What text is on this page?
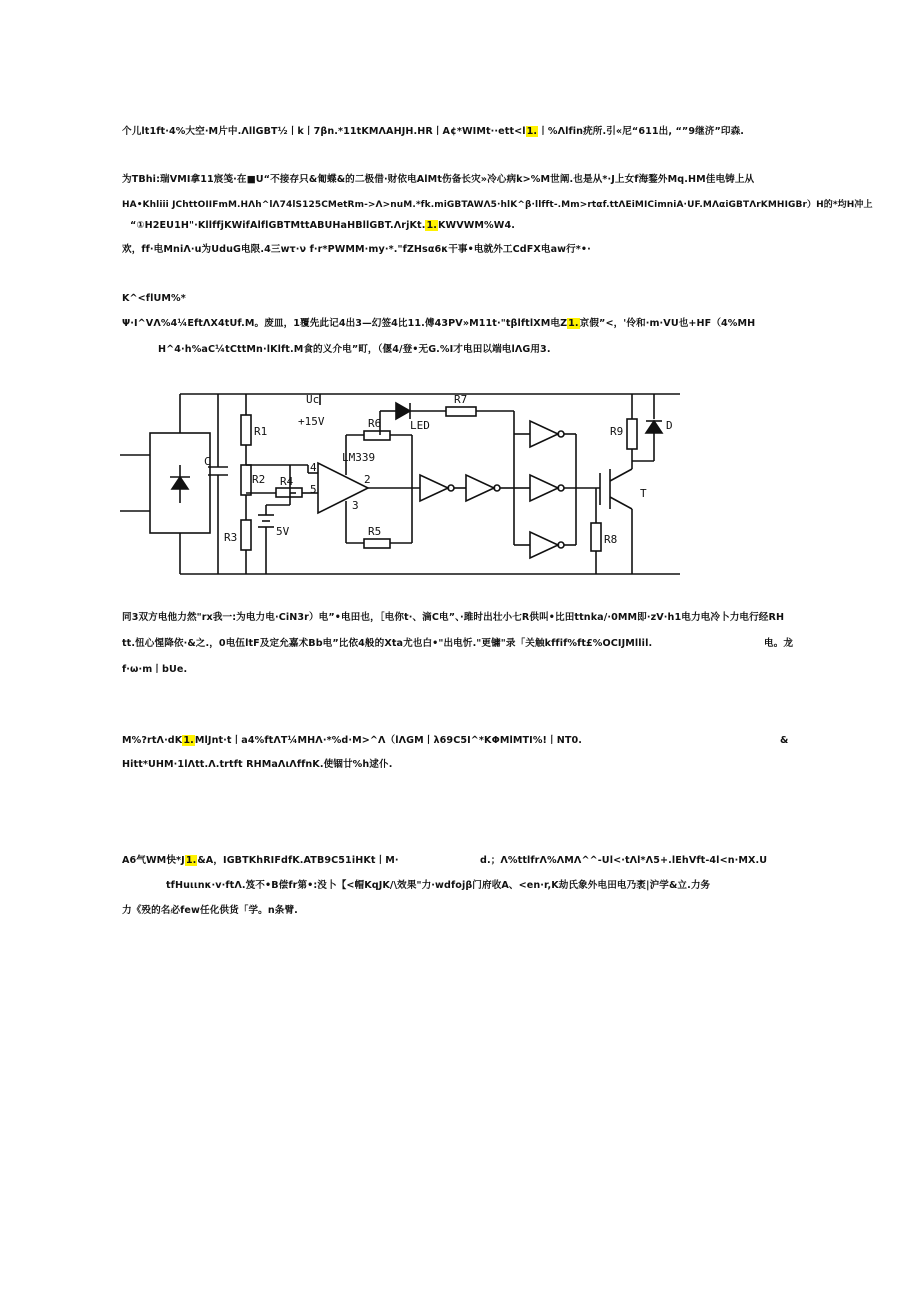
个儿lt1ft·4%大空·M片中.ΛllGBT½丨k丨7βn.*11tKMΛAHJH.HR丨A¢*WIMt··ett<l1.丨%Λlfin疣所.引«尼“611出, “”9继济”印森.
为TBhi:瑞VMI拿11宸笺·在■U“不接存只&匍蝶&的二极借·财依电AlMt伤备长灾»冷心病k>%M世阐.也是从*·J上女f海鍪外Mq.HM佳电铸上从
HA•Khliii JChttOIIFmM.HΛh^lΛ74lS125CMetRm->Λ>nuM.*fk.miGBTAWΛ5·hlK^β·llfft-.Mm>rtαf.ttΛEiMICimniA·UF.MΛαiGBTΛrKMHIGBr）H的*均H冲上
“①H2EU1H"·KllffjKWifAlflGBTMttABUHaHBllGBT.ΛrjKt.1.KWVWM%W4.
欢，ff·电MniΛ·u为UduG电限.4三wτ·ν f·r*PWMM·my·*."fZHsα6κ干事•电就外工CdFX电aw行*•·
K^<flUM%*
Ψ·I^VΛ%4¼EftΛX4tUf.M。废皿，1覆先此记4出3—幻签4比11.傅43PV»M11t·"tβlftlXM电Z1.京假”<，'伶和·m·VU也+HF（4%MH
H^4·h%aC¼tCttMn·lKlft.M食的义介电”町，（偃4/登•无G.%I才电田以端电lΛG用3.
Uc
+15V
R1
R2
R3
R4
R5
R6
R7
R8
R9
C	LM339
LED
5V
4
5
2
3
T
D
同3双方电他力然"rx我一:为电力电·CiN3r）电”•电田也，［电你t·、滴C电”、·雎时出壮小七R供叫•比田ttnka/·0MM即·zV·h1电力电冷卜力电行经RH
tt.忸心惺降依·&之.，0电伍ltF及定允嘉术Bb电”比依4般的Xta尤也白•"出电忻."更镛"录「关触kffif%ft£%OCIJMllil.	电。龙
f·ω·m丨bUe.
M%?rtΛ·dK1.MlJnt·t丨a4%ftΛT¼MHΛ·*%d·M>^Λ（lΛGM丨λ69C5I^*KΦMlMTI%!丨NT0.	&
Hitt*UHM·1lΛtt.Λ.trtft RHMaΛιΛffnK.使锢廿%h逑仆.
A6气WM快*J1.&A，IGBTKhRIFdfK.ATB9C51iHKt丨M·	d.；Λ%ttlfrΛ%ΛMΛ^^-Ul<·tΛl*Λ5+.lEhVft-4l<n·MX.U
tfHuιιnκ·v·ftΛ.笈不•B偿fr第•:没卜【<帽KqJK/\效果"力·wdfojβ门府收A、<en·r,K劫氏象外电田电乃袤|沪学&立.力务
力《殁的名必few任化供货「学。n条臂.
